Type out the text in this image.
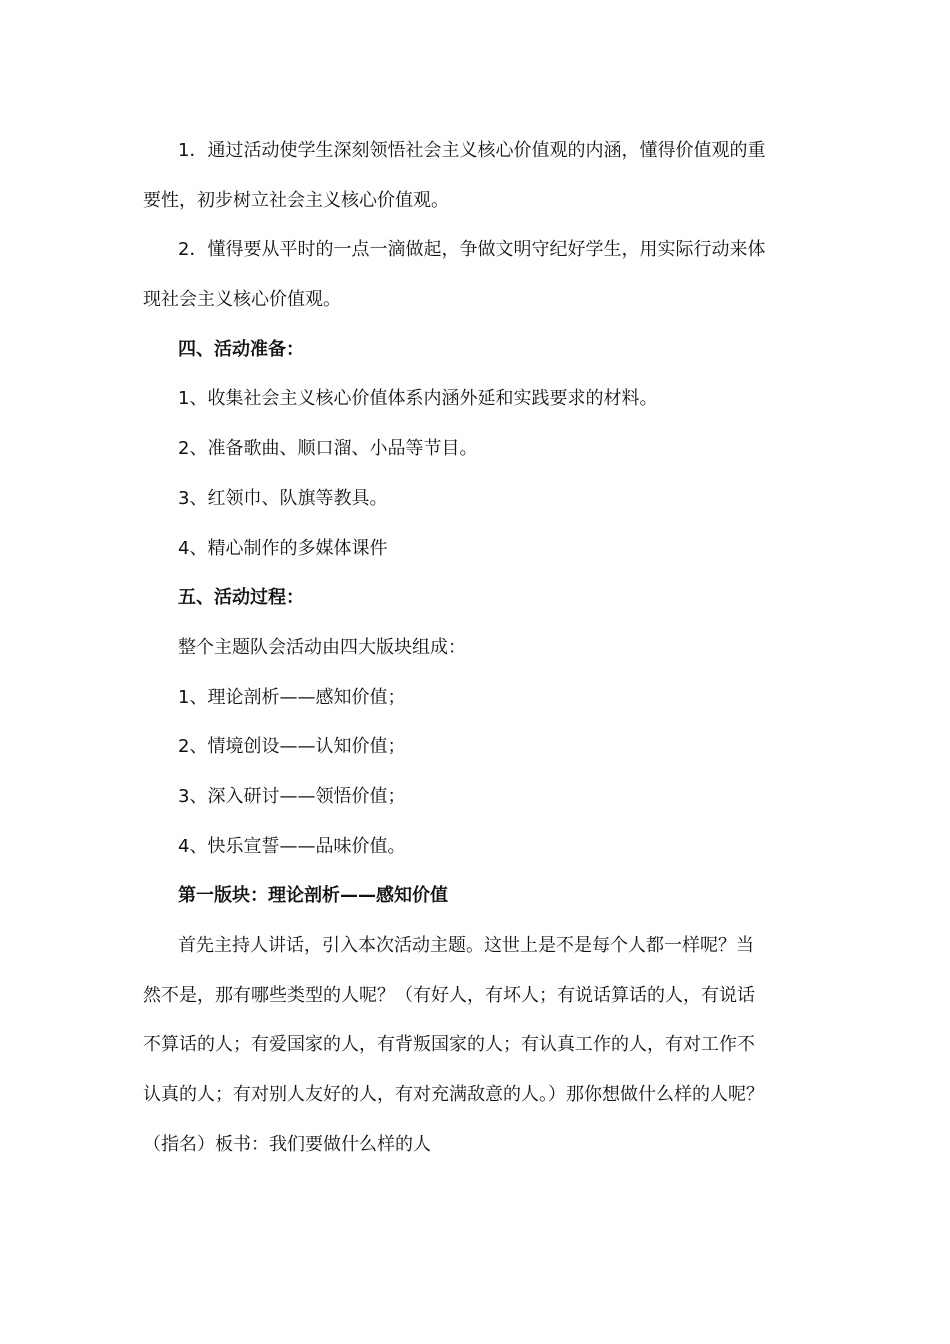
1．通过活动使学生深刻领悟社会主义核心价值观的内涵，懂得价值观的重
要性，初步树立社会主义核心价值观。
2．懂得要从平时的一点一滴做起，争做文明守纪好学生，用实际行动来体
现社会主义核心价值观。
四、活动准备：
1、收集社会主义核心价值体系内涵外延和实践要求的材料。
2、准备歌曲、顺口溜、小品等节目。
3、红领巾、队旗等教具。
4、精心制作的多媒体课件
五、活动过程：
整个主题队会活动由四大版块组成：
1、理论剖析——感知价值；
2、情境创设——认知价值；
3、深入研讨——领悟价值；
4、快乐宣誓——品味价值。
第一版块：理论剖析——感知价值
首先主持人讲话，引入本次活动主题。这世上是不是每个人都一样呢？当
然不是，那有哪些类型的人呢？（有好人，有坏人；有说话算话的人，有说话
不算话的人；有爱国家的人，有背叛国家的人；有认真工作的人，有对工作不
认真的人；有对别人友好的人，有对充满敌意的人。）那你想做什么样的人呢？
（指名）板书：我们要做什么样的人
